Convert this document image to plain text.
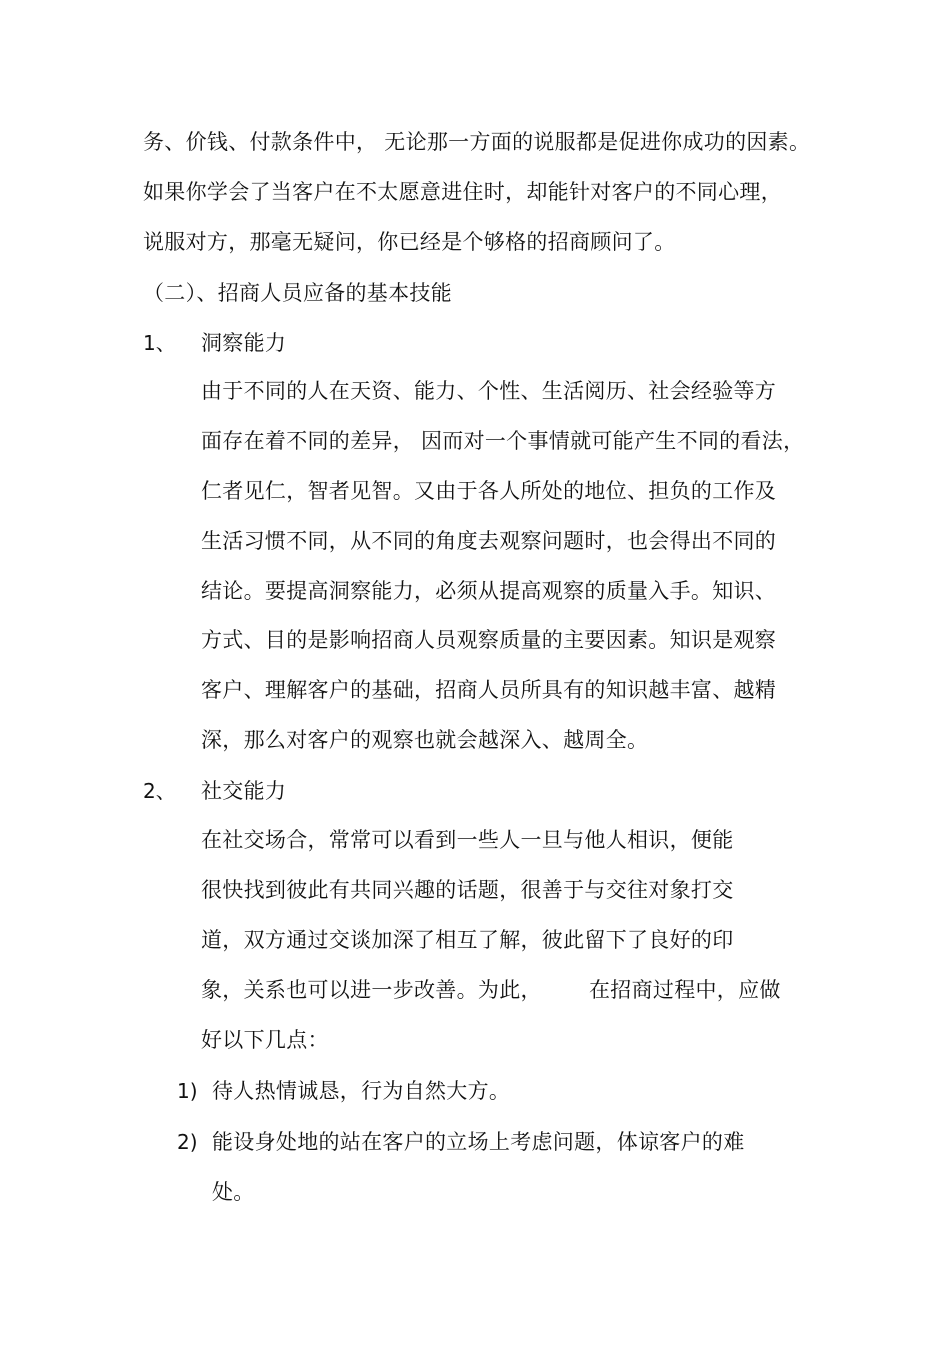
务、价钱、付款条件中， 无论那一方面的说服都是促进你成功的因素。
如果你学会了当客户在不太愿意进住时，却能针对客户的不同心理，
说服对方，那毫无疑问，你已经是个够格的招商顾问了。
（二）、招商人员应备的基本技能
1、 洞察能力
由于不同的人在天资、能力、个性、生活阅历、社会经验等方
面存在着不同的差异， 因而对一个事情就可能产生不同的看法，
仁者见仁，智者见智。又由于各人所处的地位、担负的工作及
生活习惯不同，从不同的角度去观察问题时，也会得出不同的
结论。要提高洞察能力，必须从提高观察的质量入手。知识、
方式、目的是影响招商人员观察质量的主要因素。知识是观察
客户、理解客户的基础，招商人员所具有的知识越丰富、越精
深，那么对客户的观察也就会越深入、越周全。
2、 社交能力
在社交场合，常常可以看到一些人一旦与他人相识，便能
很快找到彼此有共同兴趣的话题，很善于与交往对象打交
道，双方通过交谈加深了相互了解，彼此留下了良好的印
象，关系也可以进一步改善。为此， 在招商过程中，应做
好以下几点：
1) 待人热情诚恳，行为自然大方。
2) 能设身处地的站在客户的立场上考虑问题，体谅客户的难
处。
